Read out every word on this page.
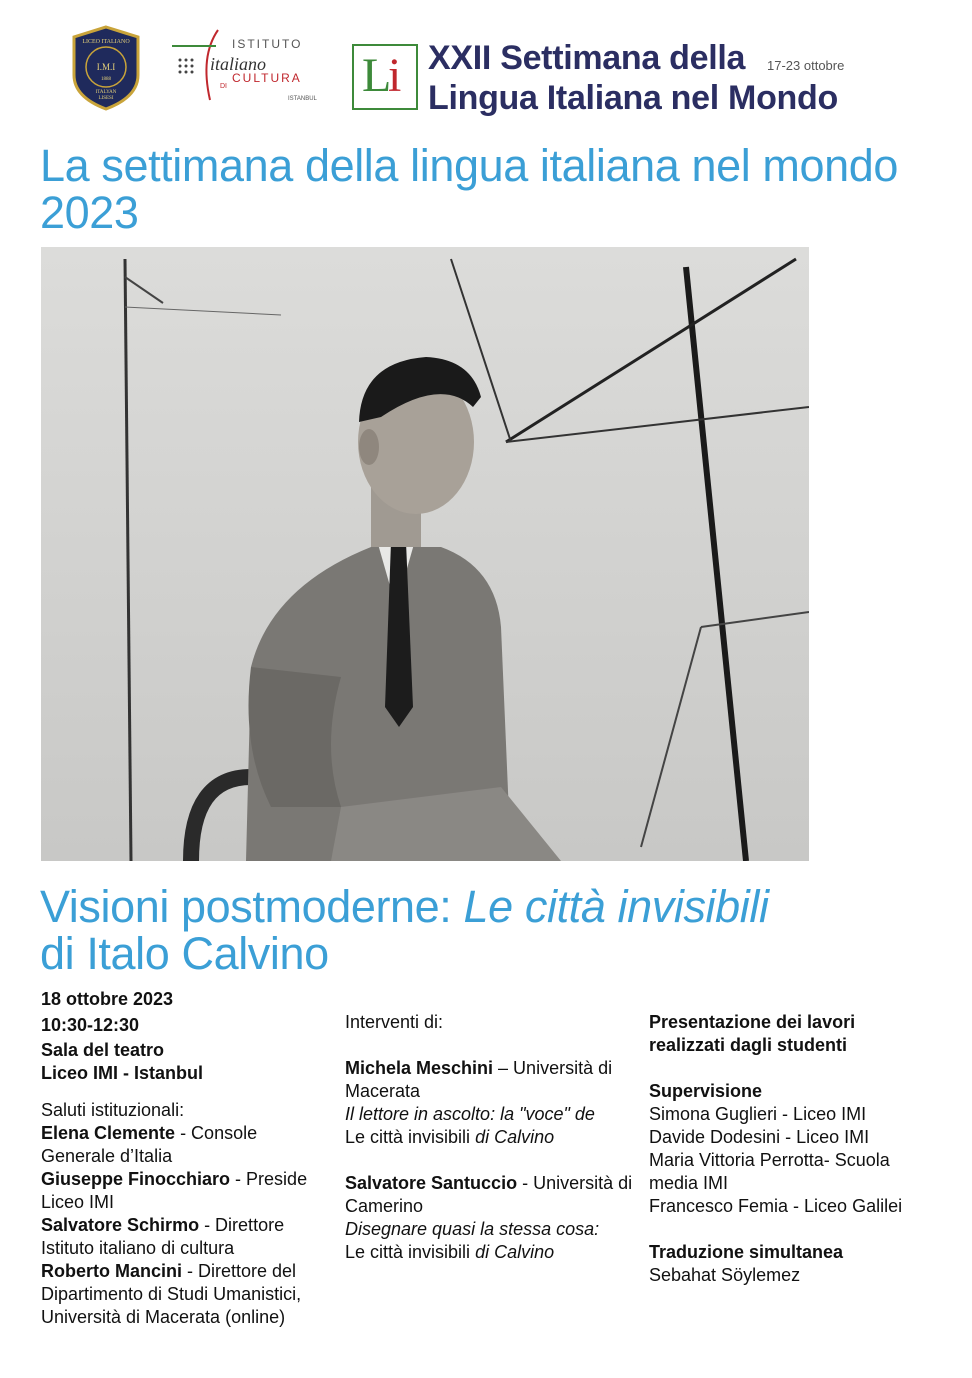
LICEO ITALIANO
I.M.I
1888
ITALYAN
LISESI
ISTITUTO
italiano
DI
CULTURA
ISTANBUL L
i XXII Settimana della
Lingua Italiana nel Mondo
17-23 ottobre
La settimana della lingua italiana nel mondo 2023
Visioni postmoderne: Le città invisibili
di Italo Calvino
18 ottobre 2023
10:30-12:30
Sala del teatro
Liceo IMI - Istanbul
Saluti istituzionali:
Elena Clemente - Console Generale d’Italia
Giuseppe Finocchiaro - Preside Liceo IMI
Salvatore Schirmo - Direttore Istituto italiano di cultura
Roberto Mancini - Direttore del Dipartimento di Studi Umanistici, Università di Macerata (online)
Interventi di:
Michela Meschini – Università di Macerata
Il lettore in ascolto: la "voce" de
Le città invisibili di Calvino
Salvatore Santuccio - Università di Camerino
Disegnare quasi la stessa cosa:
Le città invisibili di Calvino
Presentazione dei lavori realizzati dagli studenti
Supervisione
Simona Guglieri - Liceo IMI
Davide Dodesini - Liceo IMI
Maria Vittoria Perrotta- Scuola media IMI
Francesco Femia - Liceo Galilei
Traduzione simultanea
Sebahat Söylemez
